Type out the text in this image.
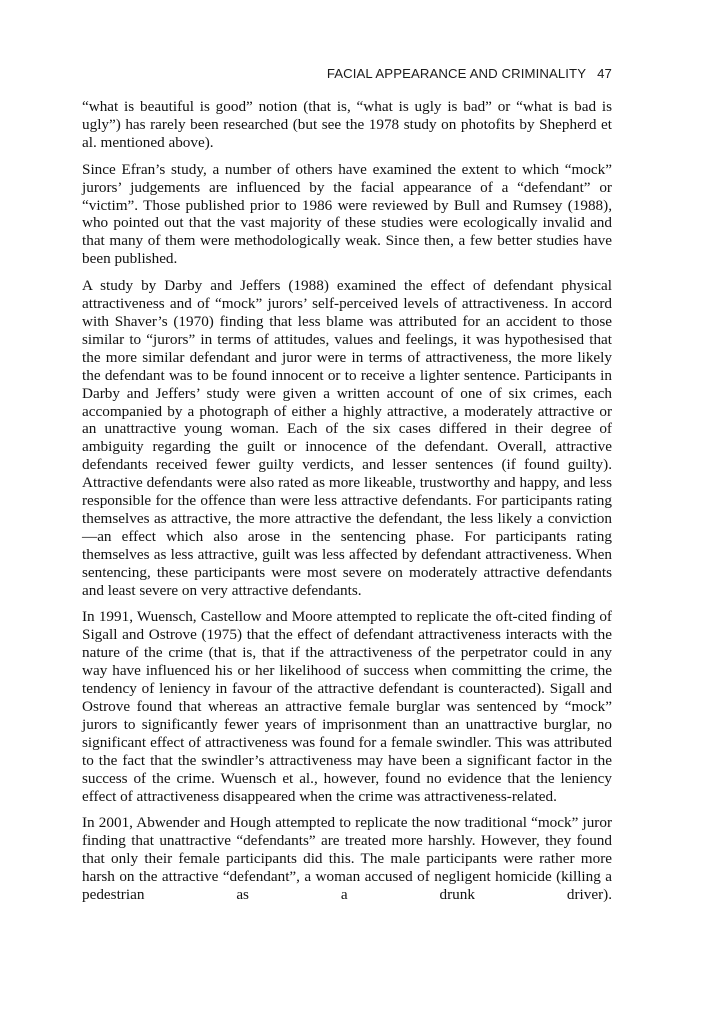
FACIAL APPEARANCE AND CRIMINALITY 47

“what is beautiful is good” notion (that is, “what is ugly is bad” or “what is bad is ugly”) has rarely been researched (but see the 1978 study on photofits by Shepherd et al. mentioned above).

Since Efran’s study, a number of others have examined the extent to which “mock” jurors’ judgements are influenced by the facial appearance of a “defendant” or “victim”. Those published prior to 1986 were reviewed by Bull and Rumsey (1988), who pointed out that the vast majority of these studies were ecologically invalid and that many of them were methodologically weak. Since then, a few better studies have been published.

A study by Darby and Jeffers (1988) examined the effect of defendant physical attractiveness and of “mock” jurors’ self-perceived levels of attractiveness. In accord with Shaver’s (1970) finding that less blame was attributed for an accident to those similar to “jurors” in terms of attitudes, values and feelings, it was hypothesised that the more similar defendant and juror were in terms of attractiveness, the more likely the defendant was to be found innocent or to receive a lighter sentence. Participants in Darby and Jeffers’ study were given a written account of one of six crimes, each accompanied by a photograph of either a highly attractive, a moderately attractive or an unattractive young woman. Each of the six cases differed in their degree of ambiguity regarding the guilt or innocence of the defendant. Overall, attractive defendants received fewer guilty verdicts, and lesser sentences (if found guilty). Attractive defendants were also rated as more likeable, trustworthy and happy, and less responsible for the offence than were less attractive defendants. For participants rating themselves as attractive, the more attractive the defendant, the less likely a conviction—an effect which also arose in the sentencing phase. For participants rating themselves as less attractive, guilt was less affected by defendant attractiveness. When sentencing, these participants were most severe on moderately attractive defendants and least severe on very attractive defendants.

In 1991, Wuensch, Castellow and Moore attempted to replicate the oft-cited finding of Sigall and Ostrove (1975) that the effect of defendant attractiveness interacts with the nature of the crime (that is, that if the attractiveness of the perpetrator could in any way have influenced his or her likelihood of success when committing the crime, the tendency of leniency in favour of the attractive defendant is counteracted). Sigall and Ostrove found that whereas an attractive female burglar was sentenced by “mock” jurors to significantly fewer years of imprisonment than an unattractive burglar, no significant effect of attractiveness was found for a female swindler. This was attributed to the fact that the swindler’s attractiveness may have been a significant factor in the success of the crime. Wuensch et al., however, found no evidence that the leniency effect of attractiveness disappeared when the crime was attractiveness-related.

In 2001, Abwender and Hough attempted to replicate the now traditional “mock” juror finding that unattractive “defendants” are treated more harshly. However, they found that only their female participants did this. The male participants were rather more harsh on the attractive “defendant”, a woman accused of negligent homicide (killing a pedestrian as a drunk driver).
